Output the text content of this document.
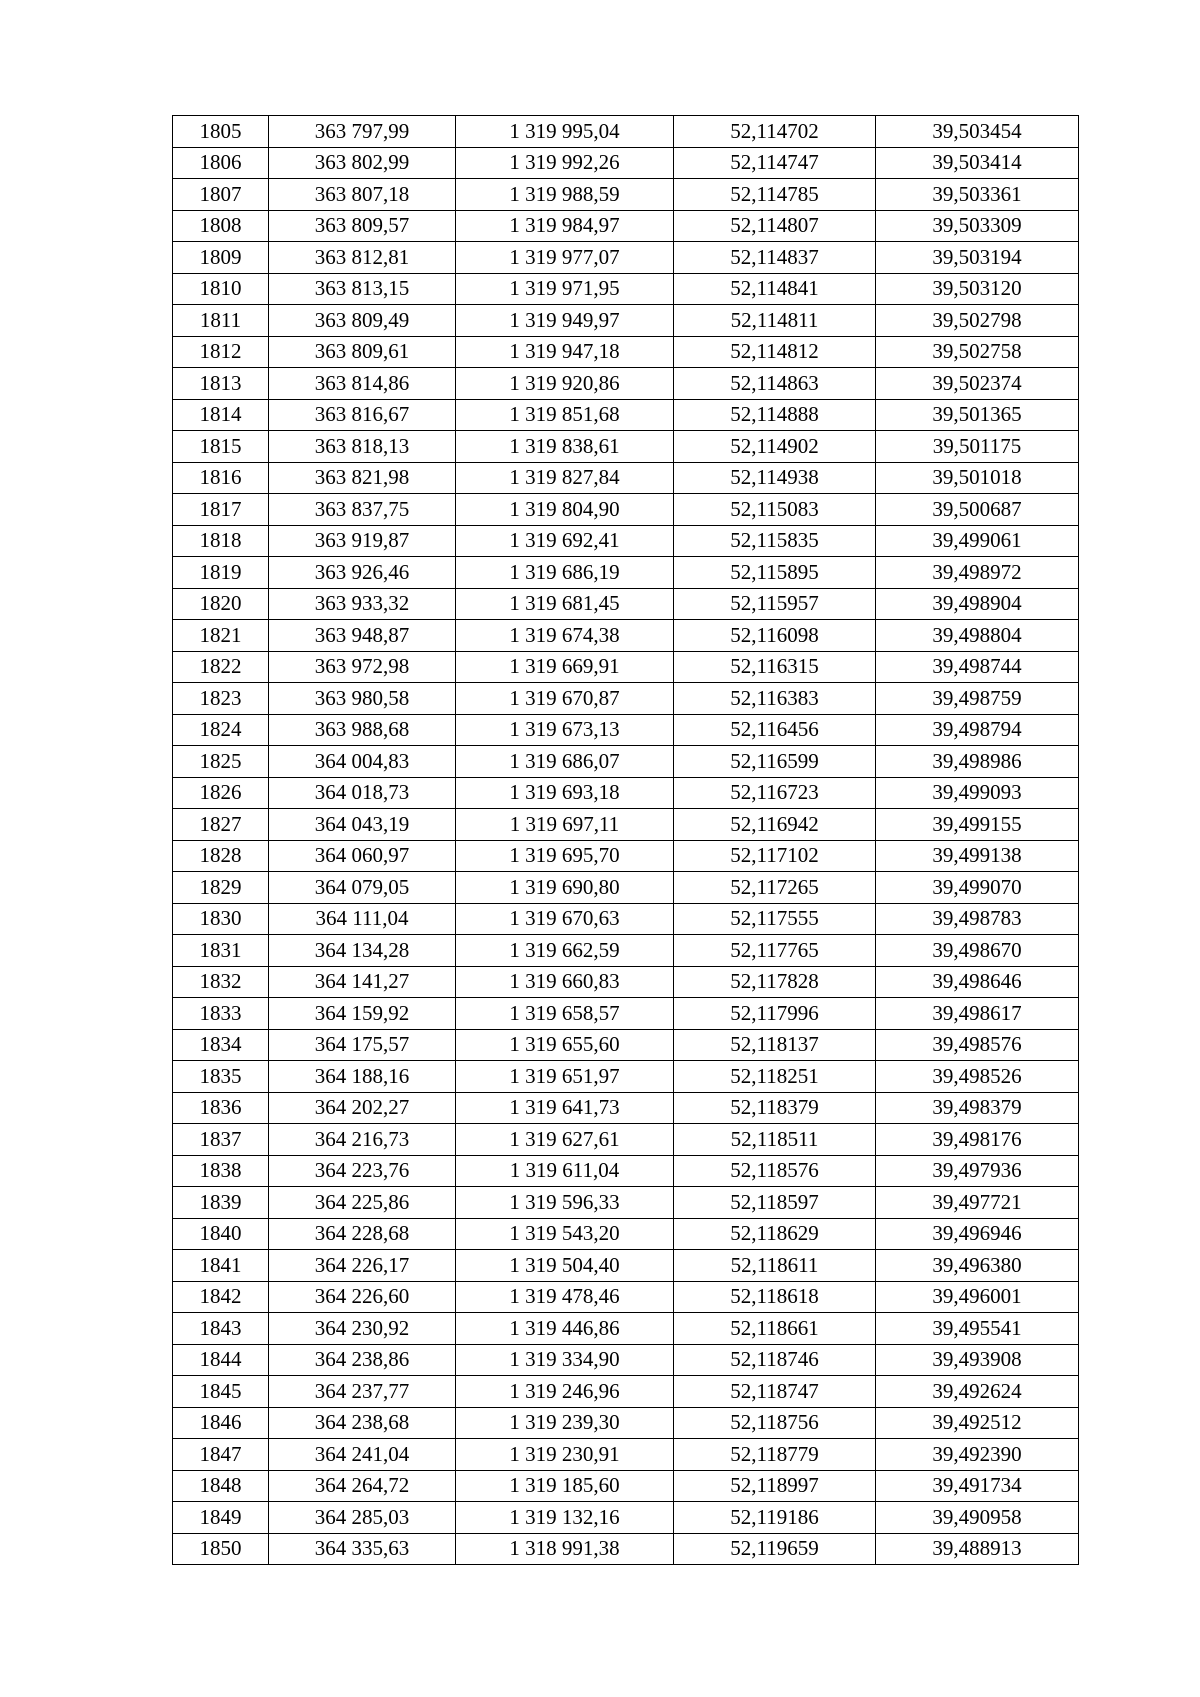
1805	363 797,99	1 319 995,04	52,114702	39,503454
1806	363 802,99	1 319 992,26	52,114747	39,503414
1807	363 807,18	1 319 988,59	52,114785	39,503361
1808	363 809,57	1 319 984,97	52,114807	39,503309
1809	363 812,81	1 319 977,07	52,114837	39,503194
1810	363 813,15	1 319 971,95	52,114841	39,503120
1811	363 809,49	1 319 949,97	52,114811	39,502798
1812	363 809,61	1 319 947,18	52,114812	39,502758
1813	363 814,86	1 319 920,86	52,114863	39,502374
1814	363 816,67	1 319 851,68	52,114888	39,501365
1815	363 818,13	1 319 838,61	52,114902	39,501175
1816	363 821,98	1 319 827,84	52,114938	39,501018
1817	363 837,75	1 319 804,90	52,115083	39,500687
1818	363 919,87	1 319 692,41	52,115835	39,499061
1819	363 926,46	1 319 686,19	52,115895	39,498972
1820	363 933,32	1 319 681,45	52,115957	39,498904
1821	363 948,87	1 319 674,38	52,116098	39,498804
1822	363 972,98	1 319 669,91	52,116315	39,498744
1823	363 980,58	1 319 670,87	52,116383	39,498759
1824	363 988,68	1 319 673,13	52,116456	39,498794
1825	364 004,83	1 319 686,07	52,116599	39,498986
1826	364 018,73	1 319 693,18	52,116723	39,499093
1827	364 043,19	1 319 697,11	52,116942	39,499155
1828	364 060,97	1 319 695,70	52,117102	39,499138
1829	364 079,05	1 319 690,80	52,117265	39,499070
1830	364 111,04	1 319 670,63	52,117555	39,498783
1831	364 134,28	1 319 662,59	52,117765	39,498670
1832	364 141,27	1 319 660,83	52,117828	39,498646
1833	364 159,92	1 319 658,57	52,117996	39,498617
1834	364 175,57	1 319 655,60	52,118137	39,498576
1835	364 188,16	1 319 651,97	52,118251	39,498526
1836	364 202,27	1 319 641,73	52,118379	39,498379
1837	364 216,73	1 319 627,61	52,118511	39,498176
1838	364 223,76	1 319 611,04	52,118576	39,497936
1839	364 225,86	1 319 596,33	52,118597	39,497721
1840	364 228,68	1 319 543,20	52,118629	39,496946
1841	364 226,17	1 319 504,40	52,118611	39,496380
1842	364 226,60	1 319 478,46	52,118618	39,496001
1843	364 230,92	1 319 446,86	52,118661	39,495541
1844	364 238,86	1 319 334,90	52,118746	39,493908
1845	364 237,77	1 319 246,96	52,118747	39,492624
1846	364 238,68	1 319 239,30	52,118756	39,492512
1847	364 241,04	1 319 230,91	52,118779	39,492390
1848	364 264,72	1 319 185,60	52,118997	39,491734
1849	364 285,03	1 319 132,16	52,119186	39,490958
1850	364 335,63	1 318 991,38	52,119659	39,488913
